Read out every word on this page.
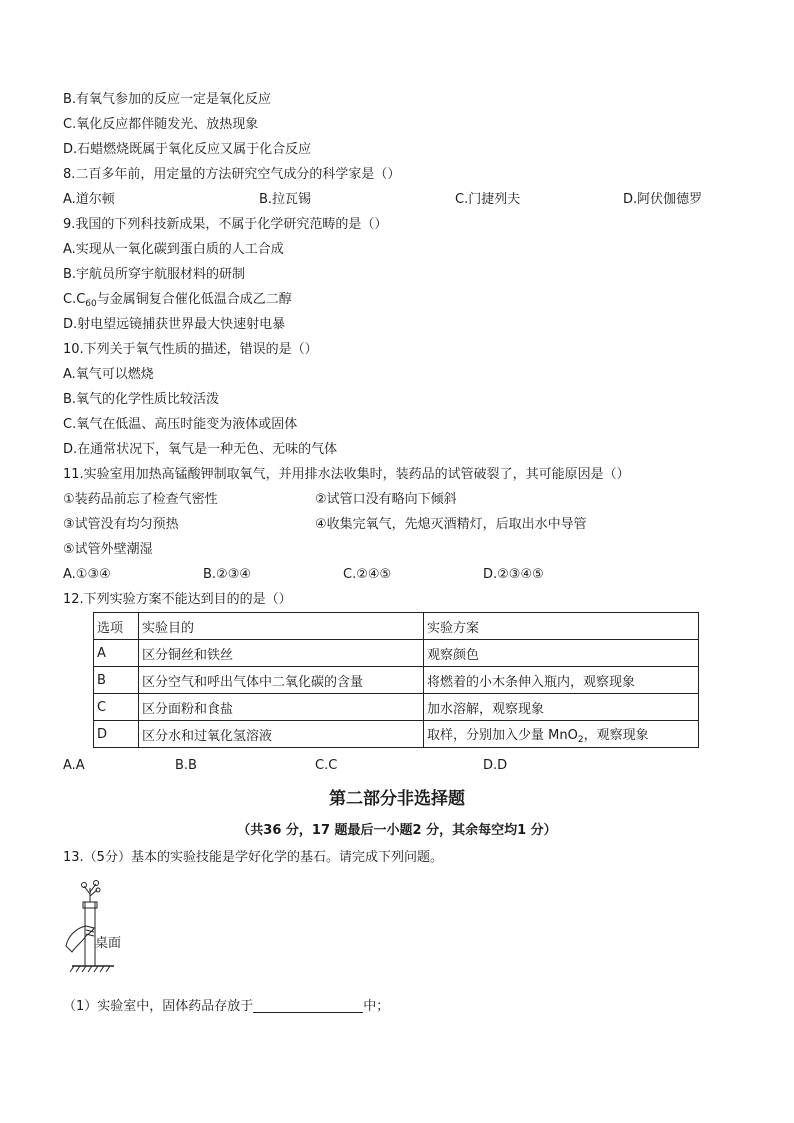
B.有氧气参加的反应一定是氧化反应
C.氧化反应都伴随发光、放热现象
D.石蜡燃烧既属于氧化反应又属于化合反应
8.二百多年前，用定量的方法研究空气成分的科学家是（）
A.道尔顿	B.拉瓦锡	C.门捷列夫	D.阿伏伽德罗
9.我国的下列科技新成果，不属于化学研究范畴的是（）
A.实现从一氧化碳到蛋白质的人工合成
B.宇航员所穿宇航服材料的研制
$C.C_{60}$与金属铜复合催化低温合成乙二醇
D.射电望远镜捕获世界最大快速射电暴
10.下列关于氧气性质的描述，错误的是（）
A.氧气可以燃烧
B.氧气的化学性质比较活泼
C.氧气在低温、高压时能变为液体或固体
D.在通常状况下，氧气是一种无色、无味的气体
11.实验室用加热高锰酸钾制取氧气，并用排水法收集时，装药品的试管破裂了，其可能原因是（）
①装药品前忘了检查气密性	②试管口没有略向下倾斜
③试管没有均匀预热	④收集完氧气，先熄灭酒精灯，后取出水中导管
⑤试管外壁潮湿
A.①③④	B.②③④	C.②④⑤	D.②③④⑤
12.下列实验方案不能达到目的的是（）
选项	实验目的	实验方案
A	区分铜丝和铁丝	观察颜色
B	区分空气和呼出气体中二氧化碳的含量	将燃着的小木条伸入瓶内，观察现象
C	区分面粉和食盐	加水溶解，观察现象
D	区分水和过氧化氢溶液	取样，分别加入少量 MnO$_2$，观察现象
A.A	B.B	C.C	D.D
第二部分非选择题
（共36 分，17 题最后一小题2 分，其余每空均1 分）
13.（5分）基本的实验技能是学好化学的基石。请完成下列问题。
桌面
（1）实验室中，固体药品存放于	中；
